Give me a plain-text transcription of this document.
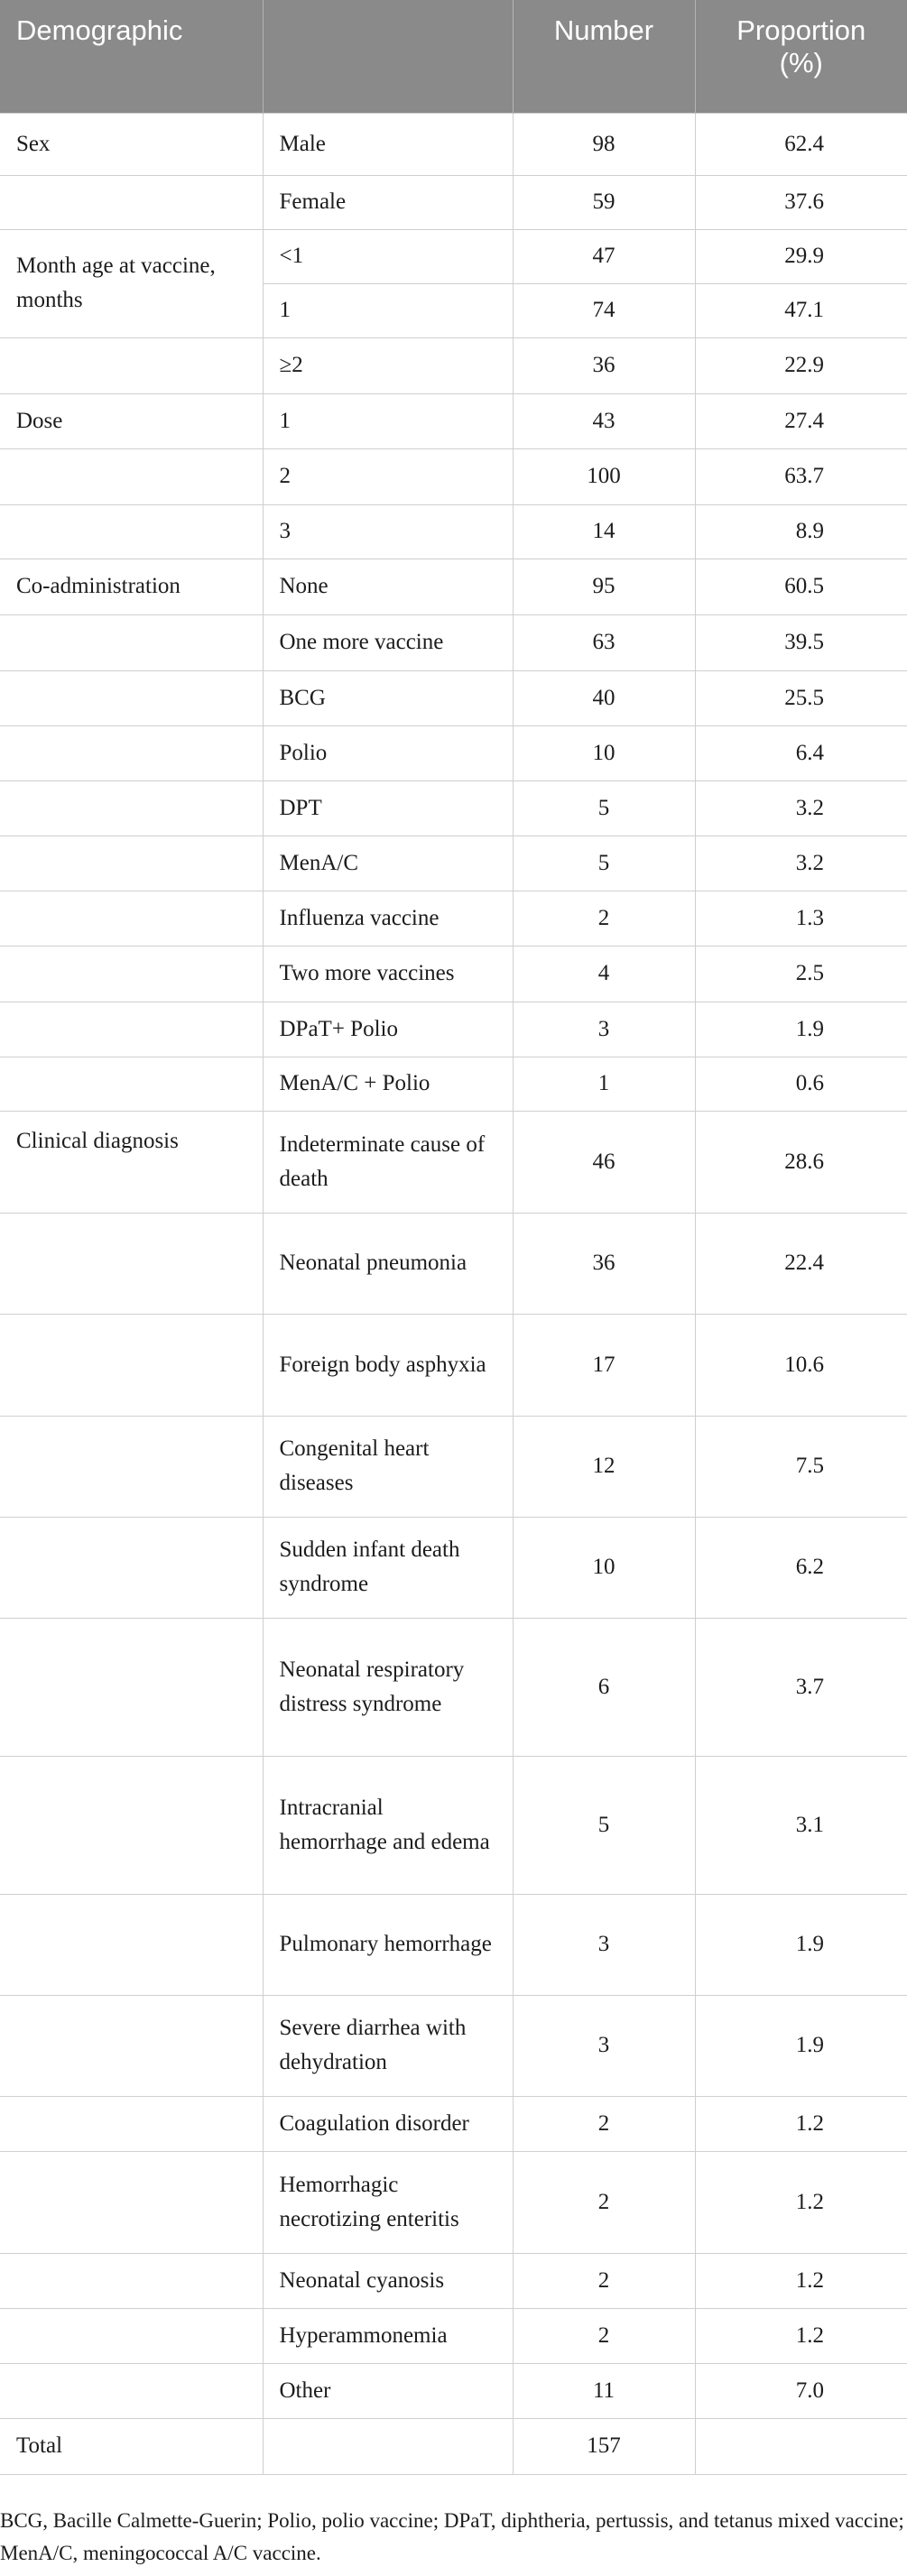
Demographic		Number	Proportion (%)
Sex	Male	98	62.4
	Female	59	37.6
Month age at vaccine, months	<1	47	29.9
	1	74	47.1
	≥2	36	22.9
Dose	1	43	27.4
	2	100	63.7
	3	14	8.9
Co-administration	None	95	60.5
	One more vaccine	63	39.5
	BCG	40	25.5
	Polio	10	6.4
	DPT	5	3.2
	MenA/C	5	3.2
	Influenza vaccine	2	1.3
	Two more vaccines	4	2.5
	DPaT+ Polio	3	1.9
	MenA/C + Polio	1	0.6
Clinical diagnosis	Indeterminate cause of death	46	28.6
	Neonatal pneumonia	36	22.4
	Foreign body asphyxia	17	10.6
	Congenital heart diseases	12	7.5
	Sudden infant death syndrome	10	6.2
	Neonatal respiratory distress syndrome	6	3.7
	Intracranial hemorrhage and edema	5	3.1
	Pulmonary hemorrhage	3	1.9
	Severe diarrhea with dehydration	3	1.9
	Coagulation disorder	2	1.2
	Hemorrhagic necrotizing enteritis	2	1.2
	Neonatal cyanosis	2	1.2
	Hyperammonemia	2	1.2
	Other	11	7.0
Total		157	
BCG, Bacille Calmette-Guerin; Polio, polio vaccine; DPaT, diphtheria, pertussis, and tetanus mixed vaccine; MenA/C, meningococcal A/C vaccine.
